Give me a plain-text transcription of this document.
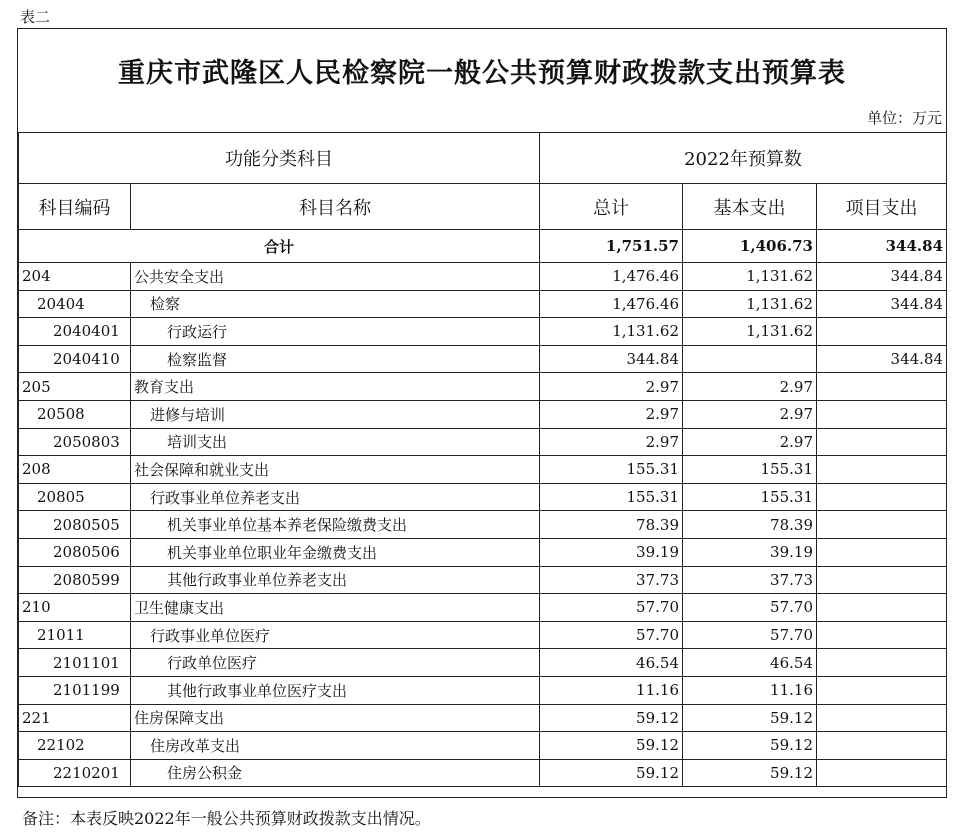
表二
重庆市武隆区人民检察院一般公共预算财政拨款支出预算表
单位：万元
功能分类科目		2022年预算数		
科目编码	科目名称	总计	基本支出	项目支出
合计		1,751.57	1,406.73	344.84
204	公共安全支出	1,476.46	1,131.62	344.84
20404	检察	1,476.46	1,131.62	344.84
2040401	行政运行	1,131.62	1,131.62	
2040410	检察监督	344.84		344.84
205	教育支出	2.97	2.97	
20508	进修与培训	2.97	2.97	
2050803	培训支出	2.97	2.97	
208	社会保障和就业支出	155.31	155.31	
20805	行政事业单位养老支出	155.31	155.31	
2080505	机关事业单位基本养老保险缴费支出	78.39	78.39	
2080506	机关事业单位职业年金缴费支出	39.19	39.19	
2080599	其他行政事业单位养老支出	37.73	37.73	
210	卫生健康支出	57.70	57.70	
21011	行政事业单位医疗	57.70	57.70	
2101101	行政单位医疗	46.54	46.54	
2101199	其他行政事业单位医疗支出	11.16	11.16	
221	住房保障支出	59.12	59.12	
22102	住房改革支出	59.12	59.12	
2210201	住房公积金	59.12	59.12	
备注：本表反映2022年一般公共预算财政拨款支出情况。
